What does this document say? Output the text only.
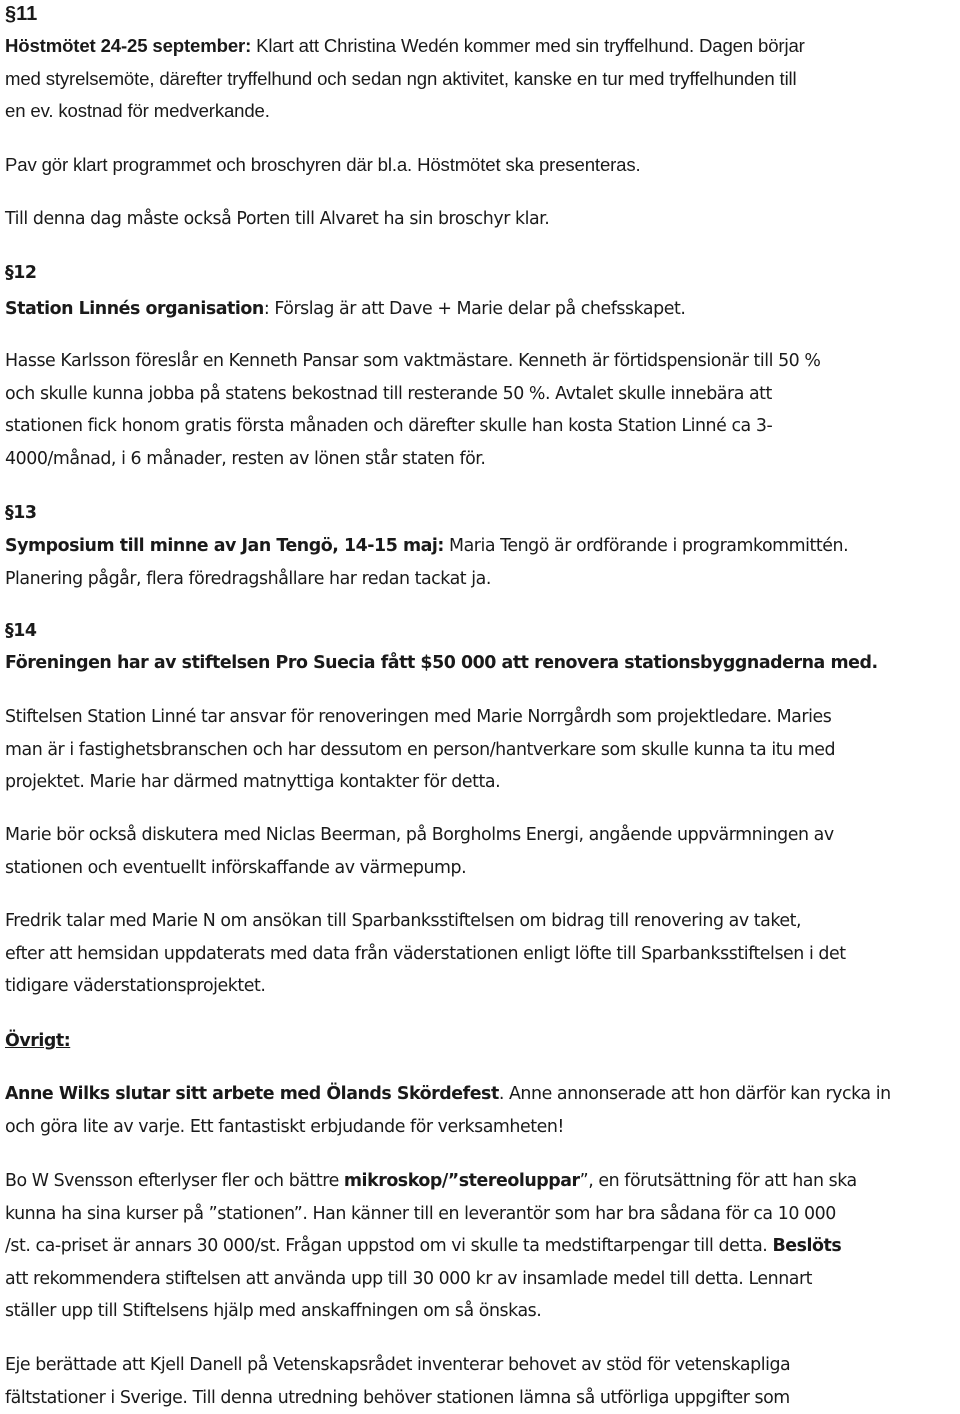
§11
Höstmötet 24-25 september: Klart att Christina Wedén kommer med sin tryffelhund. Dagen börjar
med styrelsemöte, därefter tryffelhund och sedan ngn aktivitet, kanske en tur med tryffelhunden till
en ev. kostnad för medverkande.
Pav gör klart programmet och broschyren där bl.a. Höstmötet ska presenteras.
Till denna dag måste också Porten till Alvaret ha sin broschyr klar.
§12
Station Linnés organisation: Förslag är att Dave + Marie delar på chefsskapet.
Hasse Karlsson föreslår en Kenneth Pansar som vaktmästare. Kenneth är förtidspensionär till 50 %
och skulle kunna jobba på statens bekostnad till resterande 50 %. Avtalet skulle innebära att
stationen fick honom gratis första månaden och därefter skulle han kosta Station Linné ca 3-
4000/månad, i 6 månader, resten av lönen står staten för.
§13
Symposium till minne av Jan Tengö, 14-15 maj: Maria Tengö är ordförande i programkommittén.
Planering pågår, flera föredragshållare har redan tackat ja.
§14
Föreningen har av stiftelsen Pro Suecia fått $50 000 att renovera stationsbyggnaderna med.
Stiftelsen Station Linné tar ansvar för renoveringen med Marie Norrgårdh som projektledare. Maries
man är i fastighetsbranschen och har dessutom en person/hantverkare som skulle kunna ta itu med
projektet. Marie har därmed matnyttiga kontakter för detta.
Marie bör också diskutera med Niclas Beerman, på Borgholms Energi, angående uppvärmningen av
stationen och eventuellt införskaffande av värmepump.
Fredrik talar med Marie N om ansökan till Sparbanksstiftelsen om bidrag till renovering av taket,
efter att hemsidan uppdaterats med data från väderstationen enligt löfte till Sparbanksstiftelsen i det
tidigare väderstationsprojektet.
Övrigt:
Anne Wilks slutar sitt arbete med Ölands Skördefest. Anne annonserade att hon därför kan rycka in
och göra lite av varje. Ett fantastiskt erbjudande för verksamheten!
Bo W Svensson efterlyser fler och bättre mikroskop/”stereoluppar”, en förutsättning för att han ska
kunna ha sina kurser på ”stationen”. Han känner till en leverantör som har bra sådana för ca 10 000
/st. ca-priset är annars 30 000/st. Frågan uppstod om vi skulle ta medstiftarpengar till detta. Beslöts
att rekommendera stiftelsen att använda upp till 30 000 kr av insamlade medel till detta. Lennart
ställer upp till Stiftelsens hjälp med anskaffningen om så önskas.
Eje berättade att Kjell Danell på Vetenskapsrådet inventerar behovet av stöd för vetenskapliga
fältstationer i Sverige. Till denna utredning behöver stationen lämna så utförliga uppgifter som
